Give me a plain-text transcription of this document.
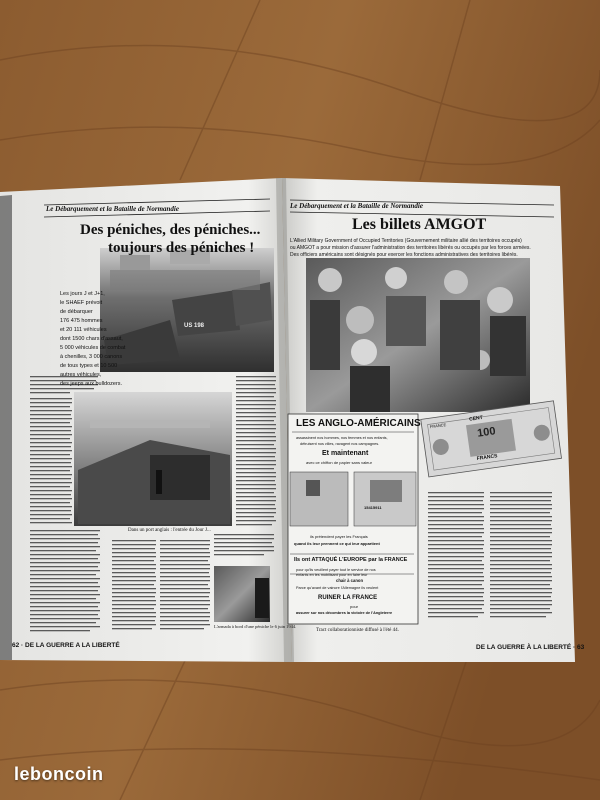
Le Débarquement et la Bataille de Normandie

Des péniches, des péniches...

toujours des péniches !

Les jours J et J+1,
le SHAEF prévoit
de débarquer
176 475 hommes
et 20 111 véhicules
dont 1500 chars d'assaut,
5 000 véhicules de combat
à chenilles, 3 000 canons
de tous types et 10 500
autres véhicules,
des jeeps aux bulldozers.

US 198

Dans un port anglais : l'entrée du Jour J...

L'armada à bord d'une péniche le 6 juin 1944.

62 · DE LA GUERRE A LA LIBERTÉ

Le Débarquement et la Bataille de Normandie

Les billets AMGOT

L'Allied Military Government of Occupied Territories (Gouvernement militaire allié des territoires occupés)
ou AMGOT a pour mission d'assurer l'administration des territoires libérés ou occupés par les forces armées.
Des officiers américains sont désignés pour exercer les fonctions administratives des territoires libérés.

LES ANGLO-AMÉRICAINS

assassinent nos hommes, nos femmes et nos enfants,

détruisent nos villes, ravagent nos campagnes.

Et maintenant

avec ce chiffon de papier sans valeur

ils prétendent payer les Français

quand ils leur prennent ce qui leur appartient

Ils ont ATTAQUÉ L'EUROPE par la FRANCE

pour qu'ils veuillent payer tout le service de nos

enfants en les mobilisant pour en faire leur

chair à canon

Parce qu'avant de vaincre l'Allemagne ils veulent

RUINER LA FRANCE

pour

assurer sur nos décombres la victoire de l'Angleterre

CENT

100

FRANCS

FRANCE

15415911

Tract collaborationniste diffusé à l'été 44.

DE LA GUERRE À LA LIBERTÉ · 63

leboncoin
